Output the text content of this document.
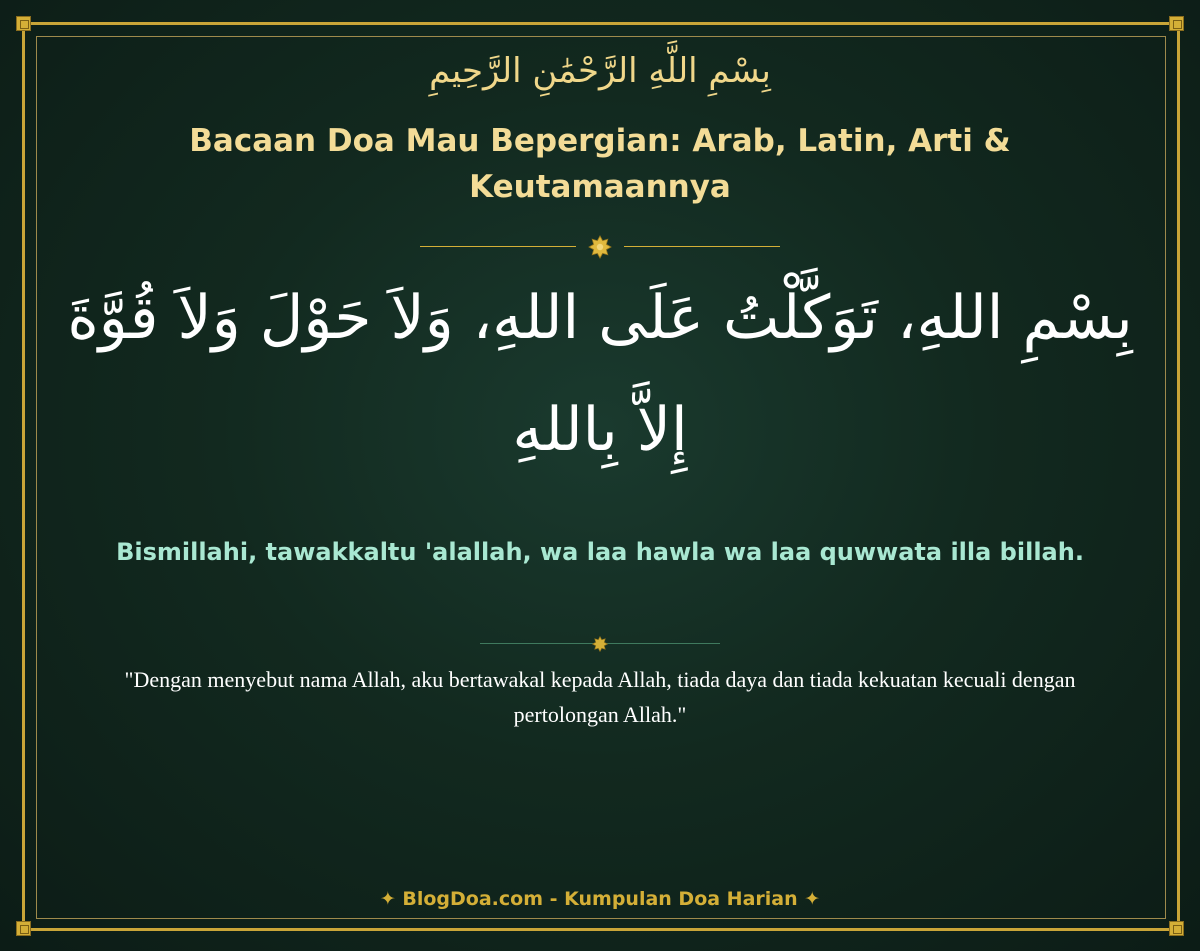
بِسْمِ اللَّهِ الرَّحْمَٰنِ الرَّحِيمِ
Bacaan Doa Mau Bepergian: Arab, Latin, Arti & Keutamaannya
بِسْمِ اللهِ، تَوَكَّلْتُ عَلَى اللهِ، وَلاَ حَوْلَ وَلاَ قُوَّةَ إِلاَّ بِاللهِ
Bismillahi, tawakkaltu 'alallah, wa laa hawla wa laa quwwata illa billah.
"Dengan menyebut nama Allah, aku bertawakal kepada Allah, tiada daya dan tiada kekuatan kecuali dengan pertolongan Allah."
✦ BlogDoa.com - Kumpulan Doa Harian ✦
